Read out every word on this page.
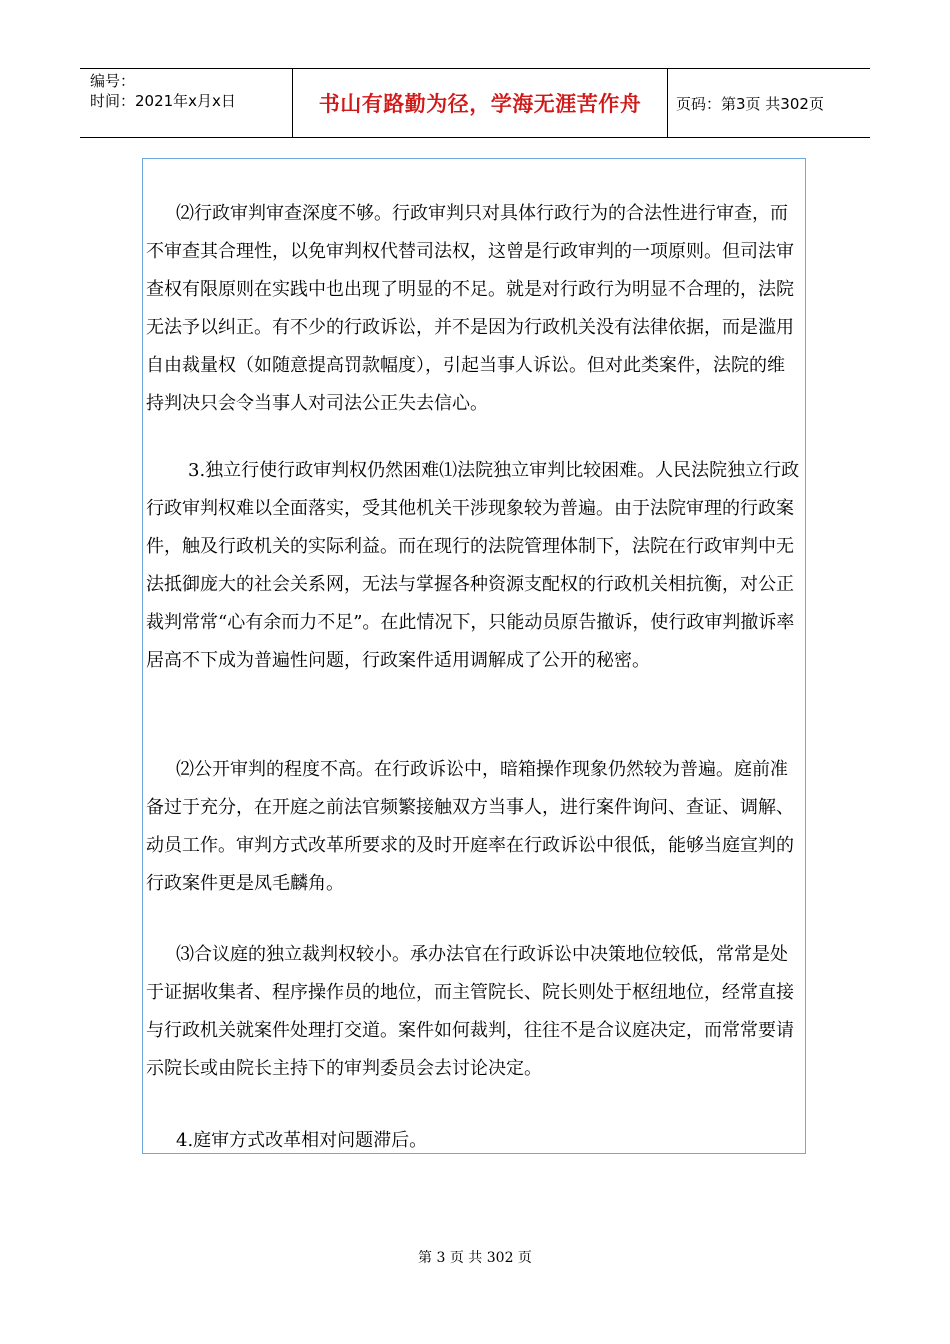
编号：
时间：2021年x月x日	书山有路勤为径，学海无涯苦作舟 页码：第3页 共302页

⑵行政审判审查深度不够。行政审判只对具体行政行为的合法性进行审查，而不审查其合理性，以免审判权代替司法权，这曾是行政审判的一项原则。但司法审查权有限原则在实践中也出现了明显的不足。就是对行政行为明显不合理的，法院无法予以纠正。有不少的行政诉讼，并不是因为行政机关没有法律依据，而是滥用自由裁量权（如随意提高罚款幅度），引起当事人诉讼。但对此类案件，法院的维持判决只会令当事人对司法公正失去信心。

3.独立行使行政审判权仍然困难⑴法院独立审判比较困难。人民法院独立行政行政审判权难以全面落实，受其他机关干涉现象较为普遍。由于法院审理的行政案件，触及行政机关的实际利益。而在现行的法院管理体制下，法院在行政审判中无法抵御庞大的社会关系网，无法与掌握各种资源支配权的行政机关相抗衡，对公正裁判常常“心有余而力不足”。在此情况下，只能动员原告撤诉，使行政审判撤诉率居高不下成为普遍性问题，行政案件适用调解成了公开的秘密。

⑵公开审判的程度不高。在行政诉讼中，暗箱操作现象仍然较为普遍。庭前准备过于充分，在开庭之前法官频繁接触双方当事人，进行案件询问、查证、调解、动员工作。审判方式改革所要求的及时开庭率在行政诉讼中很低，能够当庭宣判的行政案件更是凤毛麟角。

⑶合议庭的独立裁判权较小。承办法官在行政诉讼中决策地位较低，常常是处于证据收集者、程序操作员的地位，而主管院长、院长则处于枢纽地位，经常直接与行政机关就案件处理打交道。案件如何裁判，往往不是合议庭决定，而常常要请示院长或由院长主持下的审判委员会去讨论决定。

4.庭审方式改革相对问题滞后。

第 3 页 共 302 页
